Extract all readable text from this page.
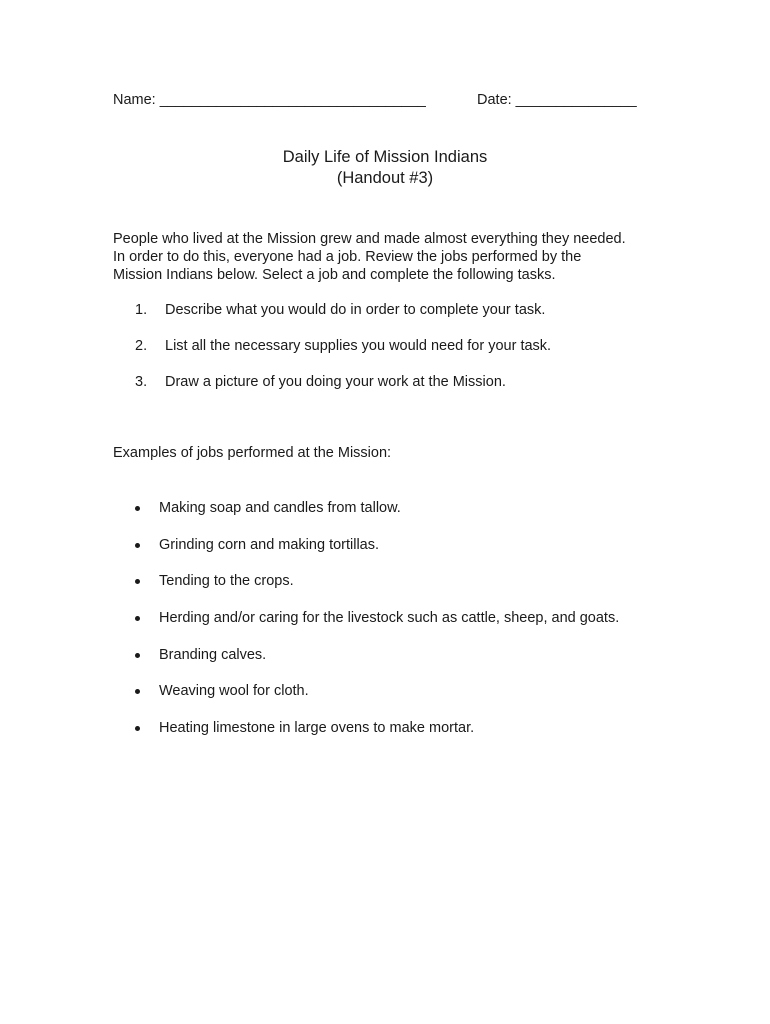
Name: _________________________________	Date: _______________
Daily Life of Mission Indians
(Handout #3)
People who lived at the Mission grew and made almost everything they needed.
In order to do this, everyone had a job. Review the jobs performed by the
Mission Indians below. Select a job and complete the following tasks.
1.	Describe what you would do in order to complete your task.
2.	List all the necessary supplies you would need for your task.
3.	Draw a picture of you doing your work at the Mission.
Examples of jobs performed at the Mission:
Making soap and candles from tallow.
Grinding corn and making tortillas.
Tending to the crops.
Herding and/or caring for the livestock such as cattle, sheep, and goats.
Branding calves.
Weaving wool for cloth.
Heating limestone in large ovens to make mortar.
